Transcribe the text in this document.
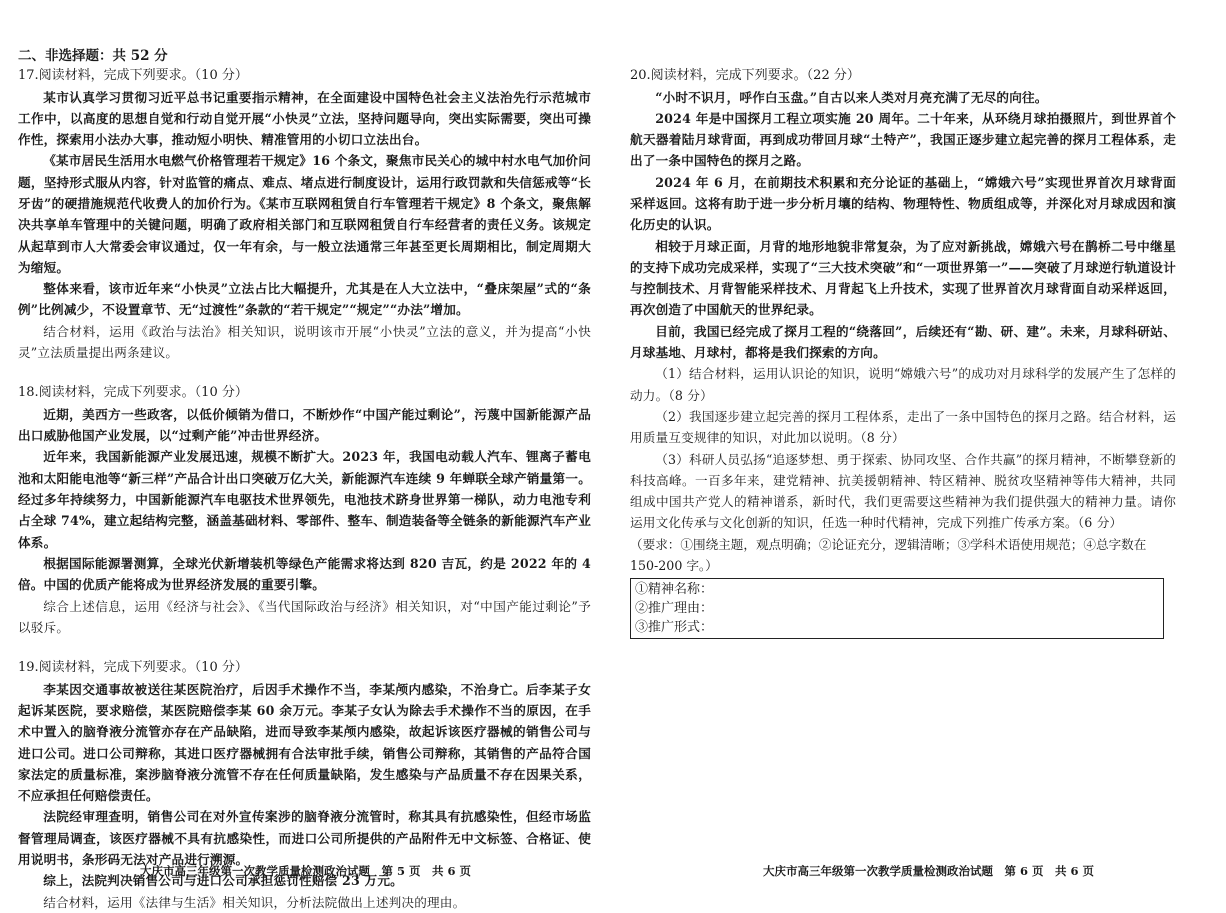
二、非选择题：共 52 分

17.阅读材料，完成下列要求。（10 分）

某市认真学习贯彻习近平总书记重要指示精神，在全面建设中国特色社会主义法治先行示范城市工作中，以高度的思想自觉和行动自觉开展“小快灵”立法，坚持问题导向，突出实际需要，突出可操作性，探索用小法办大事，推动短小明快、精准管用的小切口立法出台。

《某市居民生活用水电燃气价格管理若干规定》16 个条文，聚焦市民关心的城中村水电气加价问题，坚持形式服从内容，针对监管的痛点、难点、堵点进行制度设计，运用行政罚款和失信惩戒等“长牙齿”的硬措施规范代收费人的加价行为。《某市互联网租赁自行车管理若干规定》8 个条文，聚焦解决共享单车管理中的关键问题，明确了政府相关部门和互联网租赁自行车经营者的责任义务。该规定从起草到市人大常委会审议通过，仅一年有余，与一般立法通常三年甚至更长周期相比，制定周期大为缩短。

整体来看，该市近年来“小快灵”立法占比大幅提升，尤其是在人大立法中，“叠床架屋”式的“条例”比例减少，不设置章节、无“过渡性”条款的“若干规定”“规定”“办法”增加。

结合材料，运用《政治与法治》相关知识，说明该市开展“小快灵”立法的意义，并为提高“小快灵”立法质量提出两条建议。

18.阅读材料，完成下列要求。（10 分）

近期，美西方一些政客，以低价倾销为借口，不断炒作“中国产能过剩论”，污蔑中国新能源产品出口威胁他国产业发展，以“过剩产能”冲击世界经济。

近年来，我国新能源产业发展迅速，规模不断扩大。2023 年，我国电动载人汽车、锂离子蓄电池和太阳能电池等“新三样”产品合计出口突破万亿大关，新能源汽车连续 9 年蝉联全球产销量第一。经过多年持续努力，中国新能源汽车电驱技术世界领先，电池技术跻身世界第一梯队，动力电池专利占全球 74%，建立起结构完整，涵盖基础材料、零部件、整车、制造装备等全链条的新能源汽车产业体系。

根据国际能源署测算，全球光伏新增装机等绿色产能需求将达到 820 吉瓦，约是 2022 年的 4 倍。中国的优质产能将成为世界经济发展的重要引擎。

综合上述信息，运用《经济与社会》、《当代国际政治与经济》相关知识，对“中国产能过剩论”予以驳斥。

19.阅读材料，完成下列要求。（10 分）

李某因交通事故被送往某医院治疗，后因手术操作不当，李某颅内感染，不治身亡。后李某子女起诉某医院，要求赔偿，某医院赔偿李某 60 余万元。李某子女认为除去手术操作不当的原因，在手术中置入的脑脊液分流管亦存在产品缺陷，进而导致李某颅内感染，故起诉该医疗器械的销售公司与进口公司。进口公司辩称，其进口医疗器械拥有合法审批手续，销售公司辩称，其销售的产品符合国家法定的质量标准，案涉脑脊液分流管不存在任何质量缺陷，发生感染与产品质量不存在因果关系，不应承担任何赔偿责任。

法院经审理查明，销售公司在对外宣传案涉的脑脊液分流管时，称其具有抗感染性，但经市场监督管理局调查，该医疗器械不具有抗感染性，而进口公司所提供的产品附件无中文标签、合格证、使用说明书，条形码无法对产品进行溯源。

综上，法院判决销售公司与进口公司承担惩罚性赔偿 23 万元。

结合材料，运用《法律与生活》相关知识，分析法院做出上述判决的理由。

大庆市高三年级第一次教学质量检测政治试题　第 5 页　共 6 页

20.阅读材料，完成下列要求。（22 分）

“小时不识月，呼作白玉盘。”自古以来人类对月亮充满了无尽的向往。

2024 年是中国探月工程立项实施 20 周年。二十年来，从环绕月球拍摄照片，到世界首个航天器着陆月球背面，再到成功带回月球“土特产”，我国正逐步建立起完善的探月工程体系，走出了一条中国特色的探月之路。

2024 年 6 月，在前期技术积累和充分论证的基础上，“嫦娥六号”实现世界首次月球背面采样返回。这将有助于进一步分析月壤的结构、物理特性、物质组成等，并深化对月球成因和演化历史的认识。

相较于月球正面，月背的地形地貌非常复杂，为了应对新挑战，嫦娥六号在鹊桥二号中继星的支持下成功完成采样，实现了“三大技术突破”和“一项世界第一”——突破了月球逆行轨道设计与控制技术、月背智能采样技术、月背起飞上升技术，实现了世界首次月球背面自动采样返回，再次创造了中国航天的世界纪录。

目前，我国已经完成了探月工程的“绕落回”，后续还有“勘、研、建”。未来，月球科研站、月球基地、月球村，都将是我们探索的方向。

（1）结合材料，运用认识论的知识，说明“嫦娥六号”的成功对月球科学的发展产生了怎样的动力。（8 分）

（2）我国逐步建立起完善的探月工程体系，走出了一条中国特色的探月之路。结合材料，运用质量互变规律的知识，对此加以说明。（8 分）

（3）科研人员弘扬“追逐梦想、勇于探索、协同攻坚、合作共赢”的探月精神，不断攀登新的科技高峰。一百多年来，建党精神、抗美援朝精神、特区精神、脱贫攻坚精神等伟大精神，共同组成中国共产党人的精神谱系，新时代，我们更需要这些精神为我们提供强大的精神力量。请你运用文化传承与文化创新的知识，任选一种时代精神，完成下列推广传承方案。（6 分）

（要求：①围绕主题，观点明确；②论证充分，逻辑清晰；③学科术语使用规范；④总字数在 150-200 字。）

①精神名称：
②推广理由：
③推广形式：
大庆市高三年级第一次教学质量检测政治试题　第 6 页　共 6 页
